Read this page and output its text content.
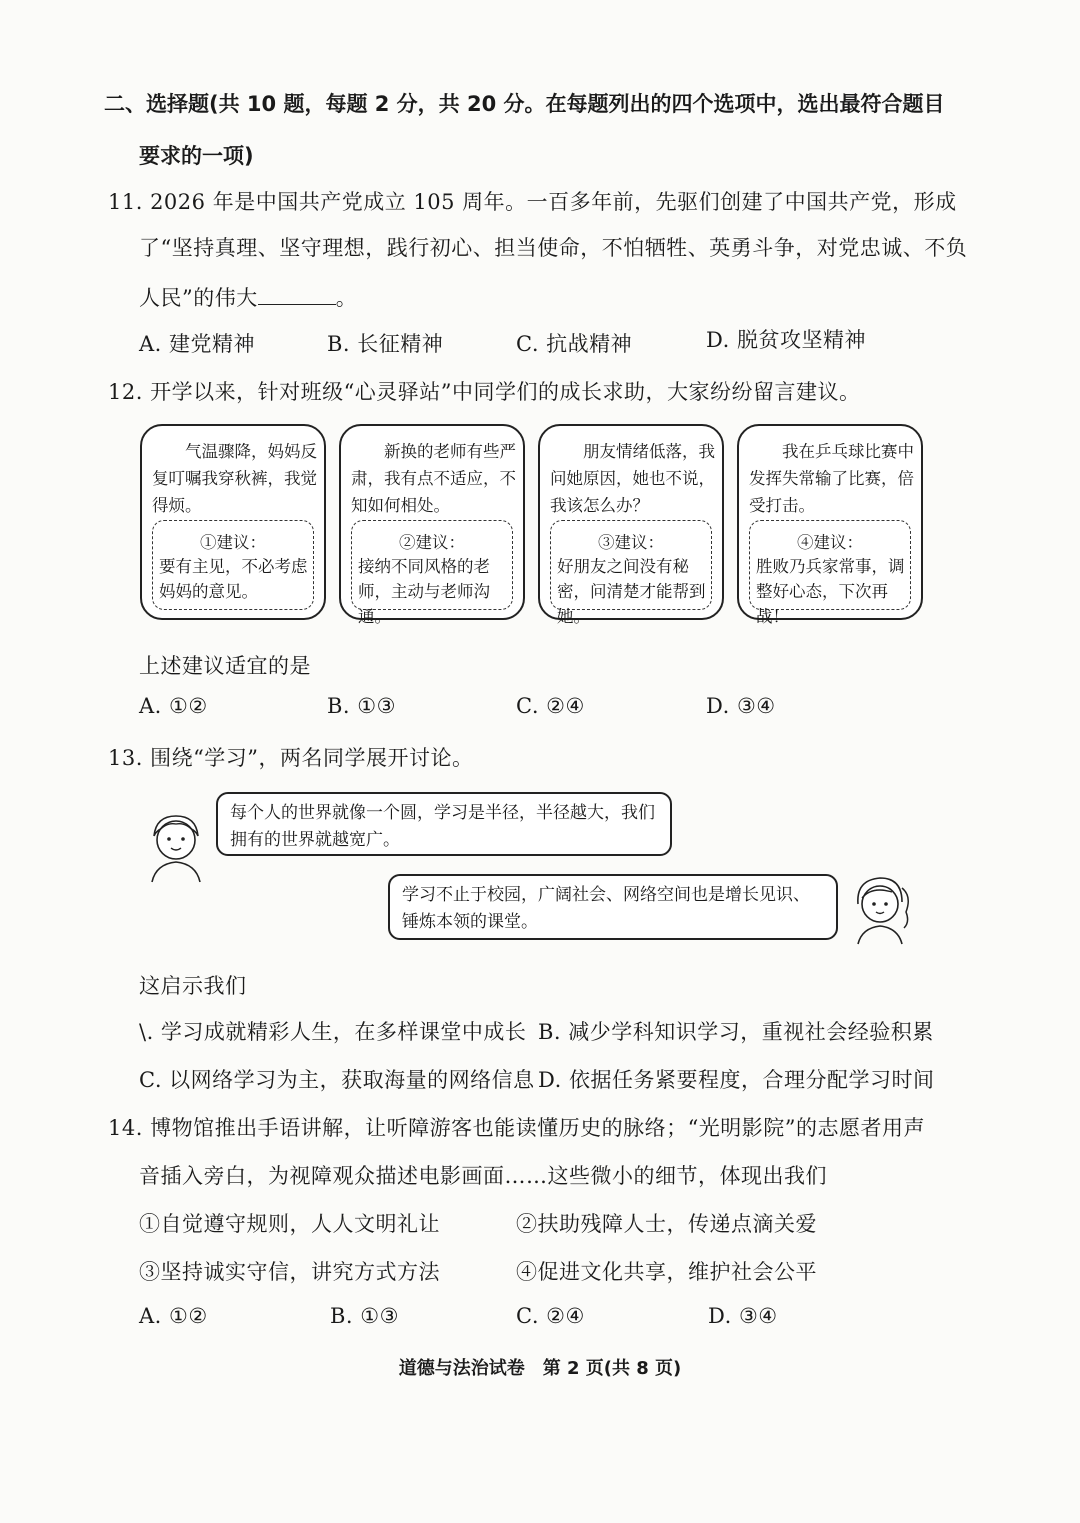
二、选择题(共 10 题，每题 2 分，共 20 分。在每题列出的四个选项中，选出最符合题目
要求的一项)
11. 2026 年是中国共产党成立 105 周年。一百多年前，先驱们创建了中国共产党，形成
了“坚持真理、坚守理想，践行初心、担当使命，不怕牺牲、英勇斗争，对党忠诚、不负
人民”的伟大	。
A. 建党精神	B. 长征精神	C. 抗战精神	D. 脱贫攻坚精神
12. 开学以来，针对班级“心灵驿站”中同学们的成长求助，大家纷纷留言建议。
气温骤降，妈妈反复叮嘱我穿秋裤，我觉得烦。
①建议：
要有主见，不必考虑妈妈的意见。
新换的老师有些严肃，我有点不适应，不知如何相处。
②建议：
接纳不同风格的老师，主动与老师沟通。
朋友情绪低落，我问她原因，她也不说，我该怎么办？
③建议：
好朋友之间没有秘密，问清楚才能帮到她。
我在乒乓球比赛中发挥失常输了比赛，倍受打击。
④建议：
胜败乃兵家常事，调整好心态，下次再战！
上述建议适宜的是
A. ①②	B. ①③	C. ②④	D. ③④
13. 围绕“学习”，两名同学展开讨论。
每个人的世界就像一个圆，学习是半径，半径越大，我们拥有的世界就越宽广。
学习不止于校园，广阔社会、网络空间也是增长见识、锤炼本领的课堂。
这启示我们
\. 学习成就精彩人生，在多样课堂中成长 B. 减少学科知识学习，重视社会经验积累
C. 以网络学习为主，获取海量的网络信息 D. 依据任务紧要程度，合理分配学习时间
14. 博物馆推出手语讲解，让听障游客也能读懂历史的脉络；“光明影院”的志愿者用声
音插入旁白，为视障观众描述电影画面……这些微小的细节，体现出我们
①自觉遵守规则，人人文明礼让	②扶助残障人士，传递点滴关爱
③坚持诚实守信，讲究方式方法	④促进文化共享，维护社会公平
A. ①②	B. ①③	C. ②④	D. ③④
道德与法治试卷　第 2 页(共 8 页)
